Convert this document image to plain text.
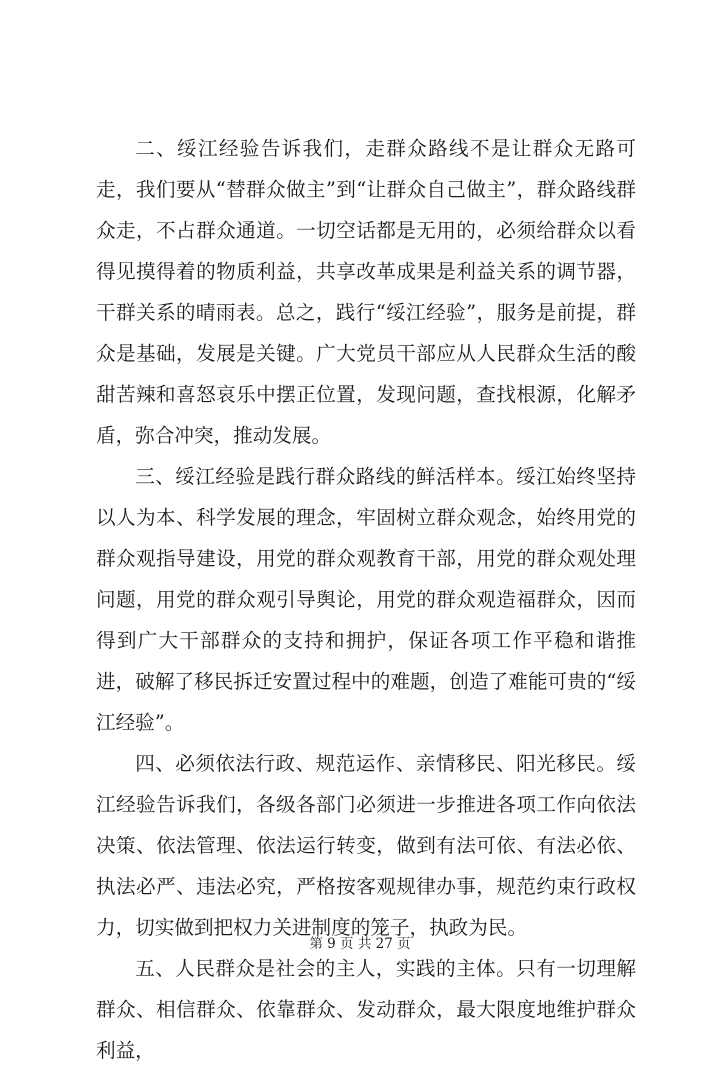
二、绥江经验告诉我们，走群众路线不是让群众无路可走，我们要从“替群众做主”到“让群众自己做主”，群众路线群众走，不占群众通道。一切空话都是无用的，必须给群众以看得见摸得着的物质利益，共享改革成果是利益关系的调节器，干群关系的晴雨表。总之，践行“绥江经验”，服务是前提，群众是基础，发展是关键。广大党员干部应从人民群众生活的酸甜苦辣和喜怒哀乐中摆正位置，发现问题，查找根源，化解矛盾，弥合冲突，推动发展。

三、绥江经验是践行群众路线的鲜活样本。绥江始终坚持以人为本、科学发展的理念，牢固树立群众观念，始终用党的群众观指导建设，用党的群众观教育干部，用党的群众观处理问题，用党的群众观引导舆论，用党的群众观造福群众，因而得到广大干部群众的支持和拥护，保证各项工作平稳和谐推进，破解了移民拆迁安置过程中的难题，创造了难能可贵的“绥江经验”。

四、必须依法行政、规范运作、亲情移民、阳光移民。绥江经验告诉我们，各级各部门必须进一步推进各项工作向依法决策、依法管理、依法运行转变，做到有法可依、有法必依、执法必严、违法必究，严格按客观规律办事，规范约束行政权力，切实做到把权力关进制度的笼子，执政为民。

五、人民群众是社会的主人，实践的主体。只有一切理解群众、相信群众、依靠群众、发动群众，最大限度地维护群众利益，

第 9 页 共 27 页
